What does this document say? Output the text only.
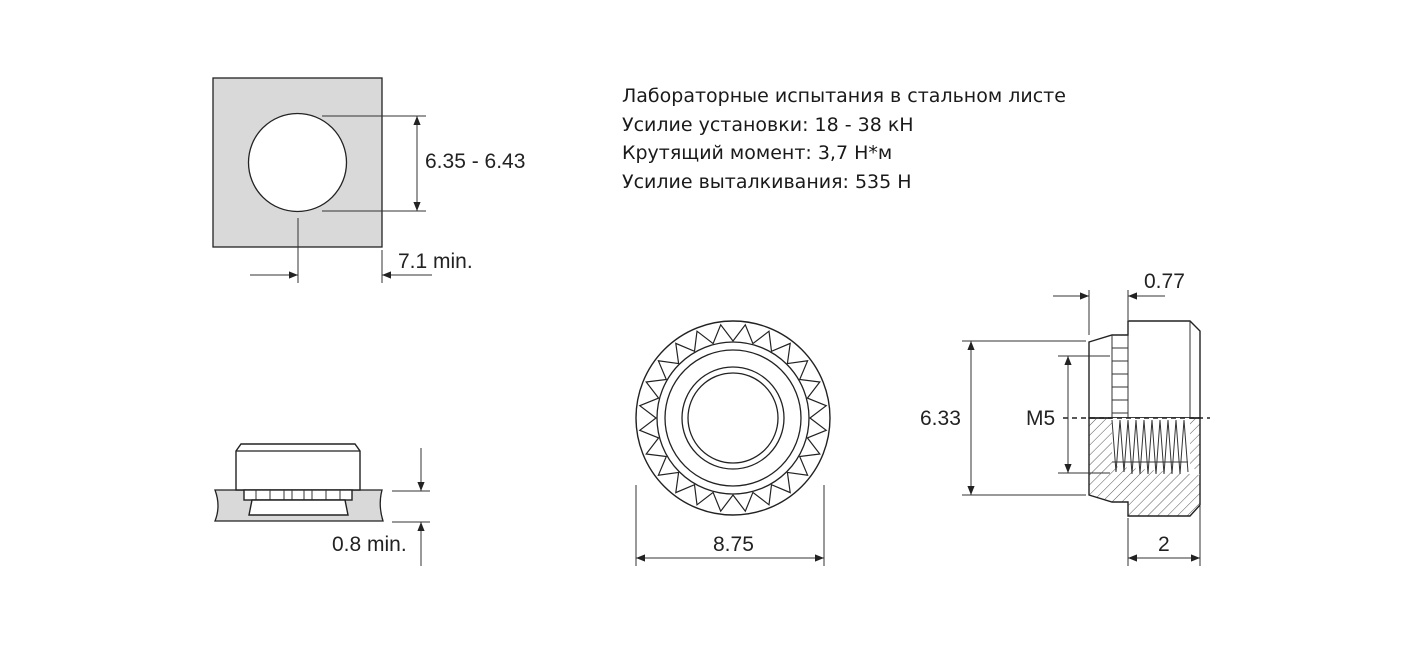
6.35 - 6.43
7.1 min.
0.8 min.	8.75
6.33	M5
0.77
2
Лабораторные испытания в стальном листе
Усилие установки: 18 - 38 кН
Крутящий момент: 3,7 Н*м
Усилие выталкивания: 535 Н
